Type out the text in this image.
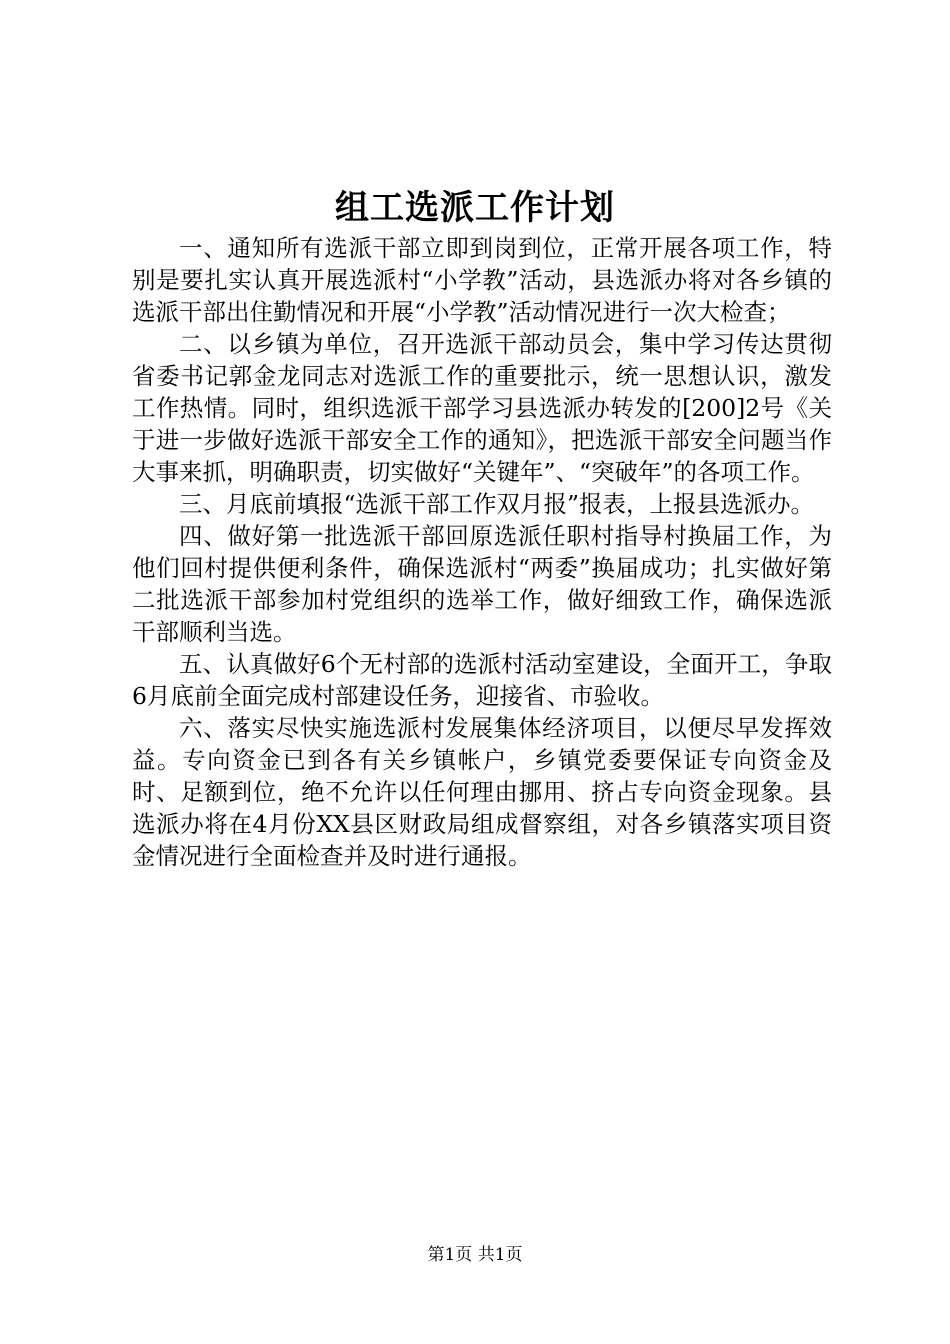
组工选派工作计划

一、通知所有选派干部立即到岗到位，正常开展各项工作，特别是要扎实认真开展选派村“小学教”活动，县选派办将对各乡镇的选派干部出住勤情况和开展“小学教”活动情况进行一次大检查；

二、以乡镇为单位，召开选派干部动员会，集中学习传达贯彻省委书记郭金龙同志对选派工作的重要批示，统一思想认识，激发工作热情。同时，组织选派干部学习县选派办转发的[200]2号《关于进一步做好选派干部安全工作的通知》，把选派干部安全问题当作大事来抓，明确职责，切实做好“关键年”、“突破年”的各项工作。

三、月底前填报“选派干部工作双月报”报表，上报县选派办。

四、做好第一批选派干部回原选派任职村指导村换届工作，为他们回村提供便利条件，确保选派村“两委”换届成功；扎实做好第二批选派干部参加村党组织的选举工作，做好细致工作，确保选派干部顺利当选。

五、认真做好6个无村部的选派村活动室建设，全面开工，争取6月底前全面完成村部建设任务，迎接省、市验收。

六、落实尽快实施选派村发展集体经济项目，以便尽早发挥效益。专向资金已到各有关乡镇帐户，乡镇党委要保证专向资金及时、足额到位，绝不允许以任何理由挪用、挤占专向资金现象。县选派办将在4月份XX县区财政局组成督察组，对各乡镇落实项目资金情况进行全面检查并及时进行通报。

第1页 共1页
